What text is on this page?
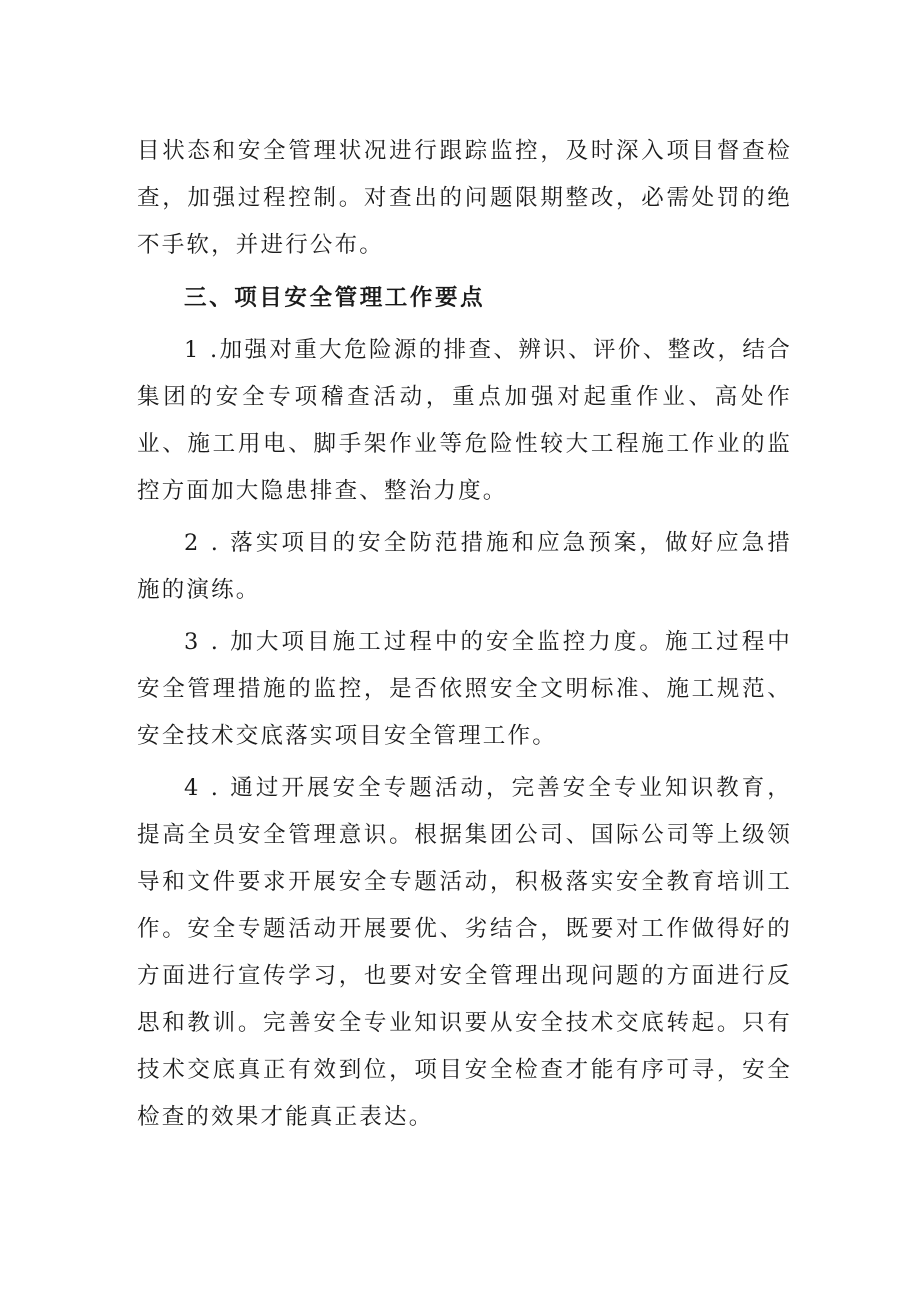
目状态和安全管理状况进行跟踪监控，及时深入项目督查检查，加强过程控制。对查出的问题限期整改，必需处罚的绝不手软，并进行公布。

三、项目安全管理工作要点

1 .加强对重大危险源的排查、辨识、评价、整改，结合集团的安全专项稽查活动，重点加强对起重作业、高处作业、施工用电、脚手架作业等危险性较大工程施工作业的监控方面加大隐患排查、整治力度。

2 . 落实项目的安全防范措施和应急预案，做好应急措施的演练。

3 . 加大项目施工过程中的安全监控力度。施工过程中安全管理措施的监控，是否依照安全文明标准、施工规范、安全技术交底落实项目安全管理工作。

4 . 通过开展安全专题活动，完善安全专业知识教育，提高全员安全管理意识。根据集团公司、国际公司等上级领导和文件要求开展安全专题活动，积极落实安全教育培训工作。安全专题活动开展要优、劣结合，既要对工作做得好的方面进行宣传学习，也要对安全管理出现问题的方面进行反思和教训。完善安全专业知识要从安全技术交底转起。只有技术交底真正有效到位，项目安全检查才能有序可寻，安全检查的效果才能真正表达。
